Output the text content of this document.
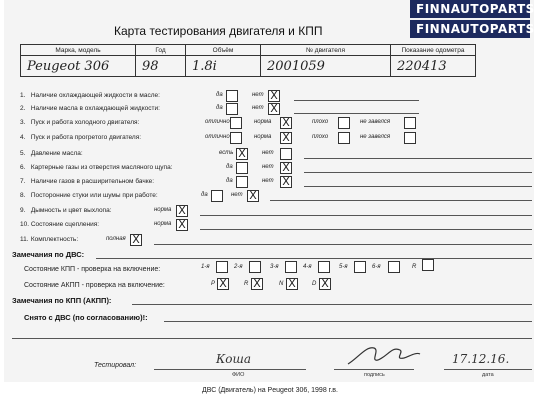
FINNAUTOPARTS
FINNAUTOPARTS
Карта тестирования двигателя и КПП
Марка, модель	Год	Объём	№ двигателя	Показание одометра
Peugeot 306	98	1.8i	2001059	220413
1. Наличие охлаждающей жидкости в масле:	да	нет X
2. Наличие масла в охлаждающей жидкости:	да	нет X
3. Пуск и работа холодного двигателя:	отлично	норма X	плохо	не завелся
4. Пуск и работа прогретого двигателя:	отлично	норма X	плохо	не завелся
5. Давление масла:	есть X	нет
6. Картерные газы из отверстия масляного щупа:	да	нет X
7. Наличие газов в расширительном бачке:	да	нет X
8. Посторонние стуки или шумы при работе:	да	нет X
9. Дымность и цвет выхлопа:	норма X
10. Состояние сцепления:	норма X
11. Комплектность:	полная X
Замечания по ДВС:
Состояние КПП - проверка на включение:	1-я	2-я	3-я	4-я	5-я	6-я	R
Состояние АКПП - проверка на включение:	P X	R X	N X	D X
Замечания по КПП (АКПП):
Снято с ДВС (по согласованию)!:
Тестировал:	Кошa
ФИО	подпись
17.12.16.
дата
ДВС (Двигатель) на Peugeot 306, 1998 г.в.
